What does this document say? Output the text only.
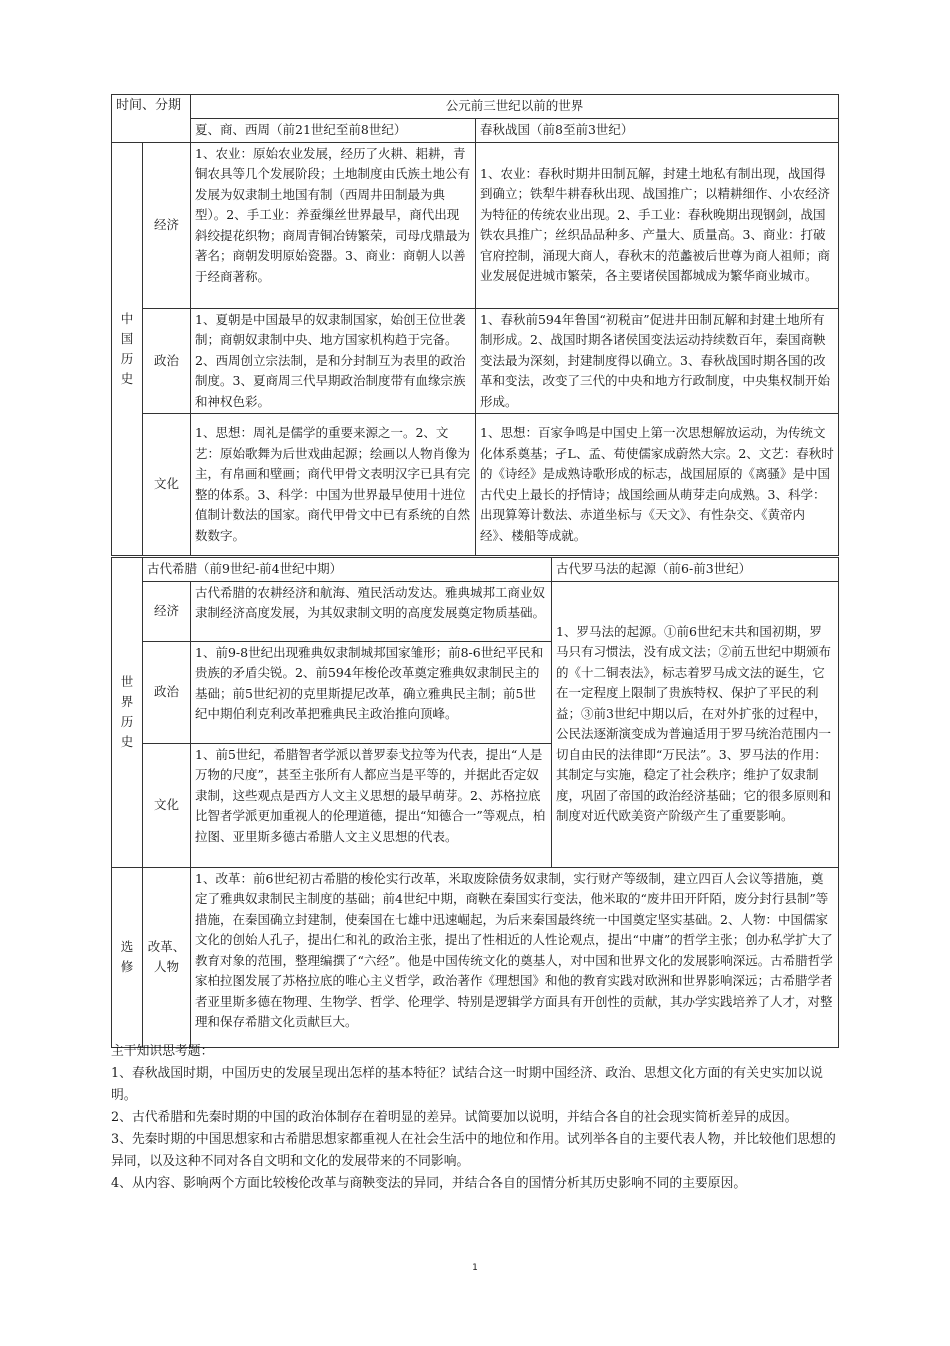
时间、分期		公元前三世纪以前的世界		
		夏、商、西周（前21世纪至前8世纪）	春秋战国（前8至前3世纪）	
中国历史	经济	1、农业：原始农业发展，经历了火耕、耜耕，青铜农具等几个发展阶段；土地制度由氏族土地公有发展为奴隶制土地国有制（西周井田制最为典型）。2、手工业：养蚕缫丝世界最早，商代出现斜绞提花织物；商周青铜冶铸繁荣，司母戊鼎最为著名；商朝发明原始瓷器。3、商业：商朝人以善于经商著称。	1、农业：春秋时期井田制瓦解，封建土地私有制出现，战国得到确立；铁犁牛耕春秋出现、战国推广；以精耕细作、小农经济为特征的传统农业出现。2、手工业：春秋晚期出现钢剑，战国铁农具推广；丝织品品种多、产量大、质量高。3、商业：打破官府控制，涌现大商人，春秋末的范蠡被后世尊为商人祖师；商业发展促进城市繁荣，各主要诸侯国都城成为繁华商业城市。	
	政治	1、夏朝是中国最早的奴隶制国家，始创王位世袭制；商朝奴隶制中央、地方国家机构趋于完备。2、西周创立宗法制，是和分封制互为表里的政治制度。3、夏商周三代早期政治制度带有血缘宗族和神权色彩。	1、春秋前594年鲁国“初税亩”促进井田制瓦解和封建土地所有制形成。2、战国时期各诸侯国变法运动持续数百年，秦国商鞅变法最为深刻，封建制度得以确立。3、春秋战国时期各国的改革和变法，改变了三代的中央和地方行政制度，中央集权制开始形成。	
	文化	1、思想：周礼是儒学的重要来源之一。2、文艺：原始歌舞为后世戏曲起源；绘画以人物肖像为主，有帛画和壁画；商代甲骨文表明汉字已具有完整的体系。3、科学：中国为世界最早使用十进位值制计数法的国家。商代甲骨文中已有系统的自然数数字。	1、思想：百家争鸣是中国史上第一次思想解放运动，为传统文化体系奠基；孑L、孟、荀使儒家成蔚然大宗。2、文艺：春秋时的《诗经》是成熟诗歌形成的标志，战国屈原的《离骚》是中国古代史上最长的抒情诗；战国绘画从萌芽走向成熟。3、科学：出现算筹计数法、赤道坐标与《天文》、有性杂交、《黄帝内经》、楼船等成就。	
世界历史	古代希腊（前9世纪-前4世纪中期）			古代罗马法的起源（前6-前3世纪）
	经济	古代希腊的农耕经济和航海、殖民活动发达。雅典城邦工商业奴隶制经济高度发展，为其奴隶制文明的高度发展奠定物质基础。		1、罗马法的起源。①前6世纪末共和国初期，罗马只有习惯法，没有成文法；②前五世纪中期颁布的《十二铜表法》，标志着罗马成文法的诞生，它在一定程度上限制了贵族特权、保护了平民的利益；③前3世纪中期以后，在对外扩张的过程中，公民法逐渐演变成为普遍适用于罗马统治范围内一切自由民的法律即“万民法”。3、罗马法的作用：其制定与实施，稳定了社会秩序；维护了奴隶制度，巩固了帝国的政治经济基础；它的很多原则和制度对近代欧美资产阶级产生了重要影响。
	政治	1、前9-8世纪出现雅典奴隶制城邦国家雏形；前8-6世纪平民和贵族的矛盾尖锐。2、前594年梭伦改革奠定雅典奴隶制民主的基础；前5世纪初的克里斯提尼改革，确立雅典民主制；前5世纪中期伯利克利改革把雅典民主政治推向顶峰。		
	文化	1、前5世纪，希腊智者学派以普罗泰戈拉等为代表，提出“人是万物的尺度”，甚至主张所有人都应当是平等的，并据此否定奴隶制，这些观点是西方人文主义思想的最早萌芽。2、苏格拉底比智者学派更加重视人的伦理道德，提出“知德合一”等观点，柏拉图、亚里斯多德古希腊人文主义思想的代表。		
选修	改革、人物	1、改革：前6世纪初古希腊的梭伦实行改革，米取废除债务奴隶制，实行财产等级制，建立四百人会议等措施，奠定了雅典奴隶制民主制度的基础；前4世纪中期，商鞅在秦国实行变法，他米取的“废井田开阡陌，废分封行县制”等措施，在秦国确立封建制，使秦国在七雄中迅速崛起，为后来秦国最终统一中国奠定坚实基础。2、人物：中国儒家文化的创始人孔子，提出仁和礼的政治主张，提出了性相近的人性论观点，提出“中庸”的哲学主张；创办私学扩大了教育对象的范围，整理编撰了“六经”。他是中国传统文化的奠基人，对中国和世界文化的发展影响深远。古希腊哲学家柏拉图发展了苏格拉底的唯心主义哲学，政治著作《理想国》和他的教育实践对欧洲和世界影响深远；古希腊学者者亚里斯多德在物理、生物学、哲学、伦理学、特别是逻辑学方面具有开创性的贡献，其办学实践培养了人才，对整理和保存希腊文化贡献巨大。		

主干知识思考题：

1、春秋战国时期，中国历史的发展呈现出怎样的基本特征？试结合这一时期中国经济、政治、思想文化方面的有关史实加以说明。

2、古代希腊和先秦时期的中国的政治体制存在着明显的差异。试简要加以说明，并结合各自的社会现实简析差异的成因。

3、先秦时期的中国思想家和古希腊思想家都重视人在社会生活中的地位和作用。试列举各自的主要代表人物，并比较他们思想的异同，以及这种不同对各自文明和文化的发展带来的不同影响。

4、从内容、影响两个方面比较梭伦改革与商鞅变法的异同，并结合各自的国情分析其历史影响不同的主要原因。

1
